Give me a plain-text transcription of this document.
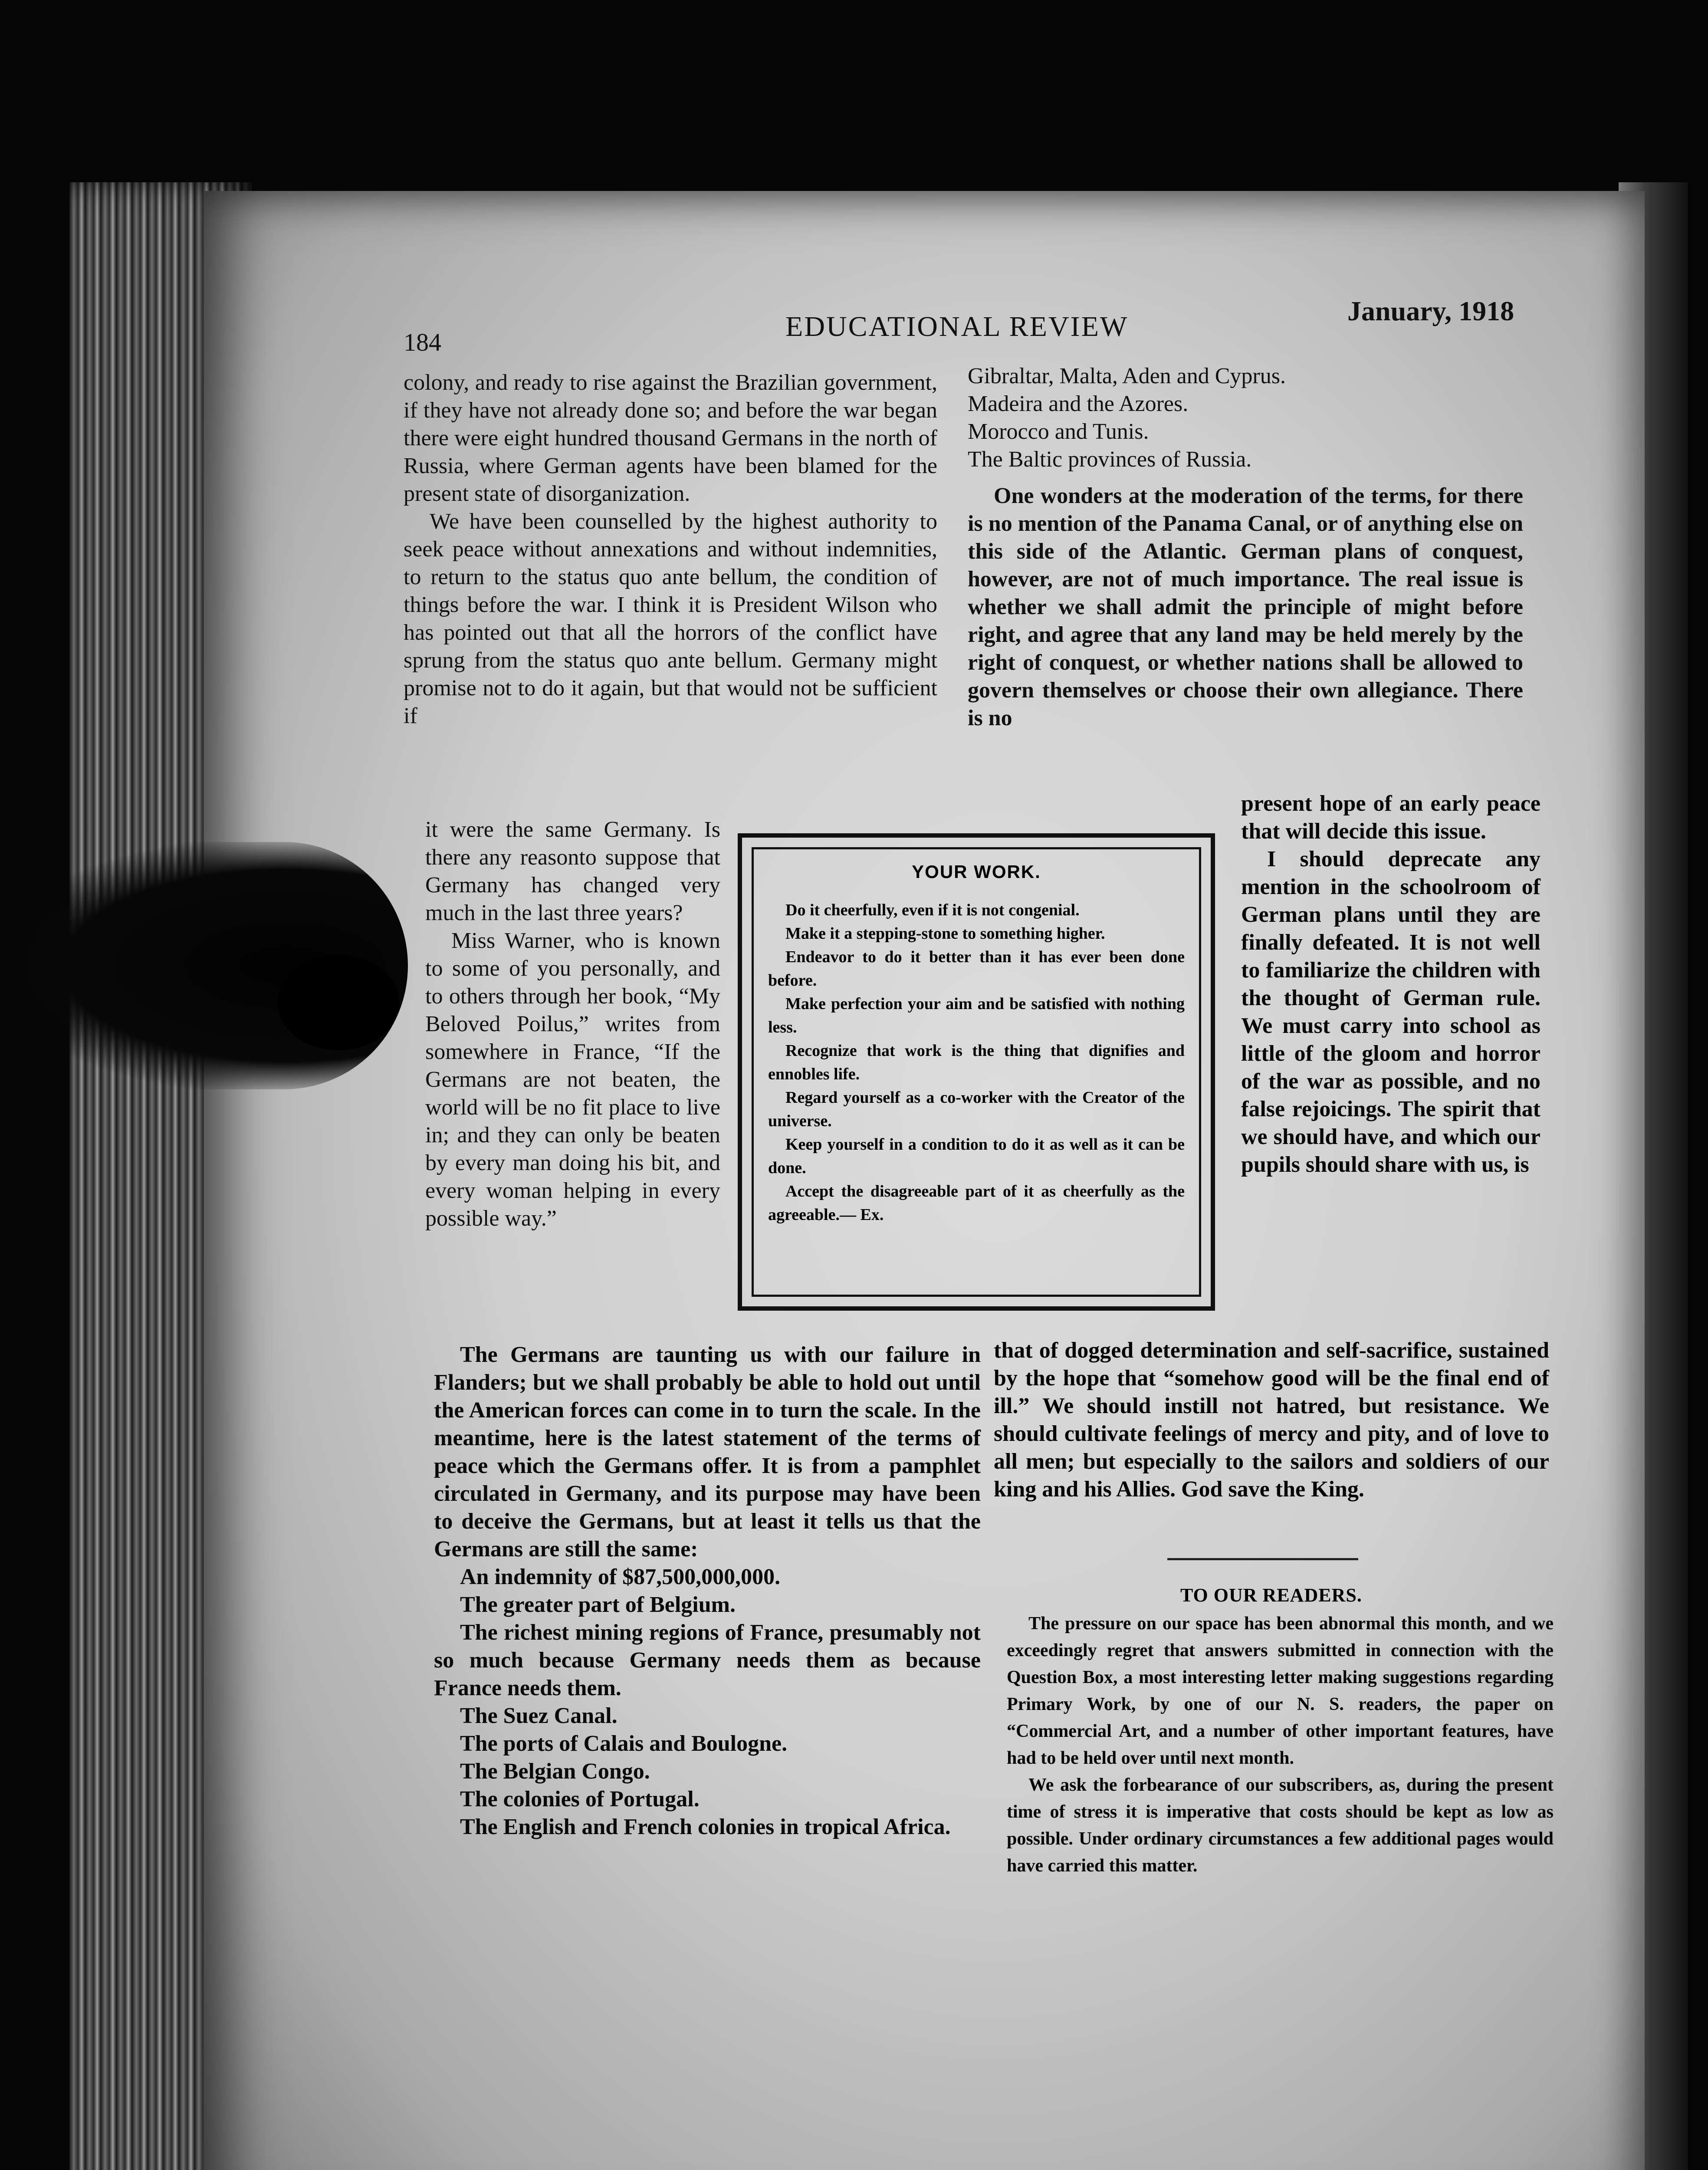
184	EDUCATIONAL REVIEW	January, 1918

colony, and ready to rise against the Brazilian government, if they have not already done so; and before the war began there were eight hundred thousand Germans in the north of Russia, where German agents have been blamed for the present state of disorganization.

We have been counselled by the highest authority to seek peace without annexations and without indemnities, to return to the status quo ante bellum, the condition of things before the war. I think it is President Wilson who has pointed out that all the horrors of the conflict have sprung from the status quo ante bellum. Germany might promise not to do it again, but that would not be sufficient if

it were the same Germany. Is there any reasonto suppose that Germany has changed very much in the last three years?

Miss Warner, who is known to some of you personally, and to others through her book, “My Beloved Poilus,” writes from somewhere in France, “If the Germans are not beaten, the world will be no fit place to live in; and they can only be beaten by every man doing his bit, and every woman helping in every possible way.”

YOUR WORK.

Do it cheerfully, even if it is not congenial.

Make it a stepping-stone to something higher.

Endeavor to do it better than it has ever been done before.

Make perfection your aim and be satisfied with nothing less.

Recognize that work is the thing that dignifies and ennobles life.

Regard yourself as a co-worker with the Creator of the universe.

Keep yourself in a condition to do it as well as it can be done.

Accept the disagreeable part of it as cheerfully as the agreeable.— Ex.

The Germans are taunting us with our failure in Flanders; but we shall probably be able to hold out until the American forces can come in to turn the scale. In the meantime, here is the latest statement of the terms of peace which the Germans offer. It is from a pamphlet circulated in Germany, and its purpose may have been to deceive the Germans, but at least it tells us that the Germans are still the same:

An indemnity of $87,500,000,000.

The greater part of Belgium.

The richest mining regions of France, presumably not so much because Germany needs them as because France needs them.

The Suez Canal.

The ports of Calais and Boulogne.

The Belgian Congo.

The colonies of Portugal.

The English and French colonies in tropical Africa.

Gibraltar, Malta, Aden and Cyprus.

Madeira and the Azores.

Morocco and Tunis.

The Baltic provinces of Russia.

One wonders at the moderation of the terms, for there is no mention of the Panama Canal, or of anything else on this side of the Atlantic. German plans of conquest, however, are not of much importance. The real issue is whether we shall admit the principle of might before right, and agree that any land may be held merely by the right of conquest, or whether nations shall be allowed to govern themselves or choose their own allegiance. There is no

present hope of an early peace that will decide this issue.

I should deprecate any mention in the schoolroom of German plans until they are finally defeated. It is not well to familiarize the children with the thought of German rule. We must carry into school as little of the gloom and horror of the war as possible, and no false rejoicings. The spirit that we should have, and which our pupils should share with us, is

that of dogged determination and self-sacrifice, sustained by the hope that “somehow good will be the final end of ill.” We should instill not hatred, but resistance. We should cultivate feelings of mercy and pity, and of love to all men; but especially to the sailors and soldiers of our king and his Allies. God save the King.

TO OUR READERS.

The pressure on our space has been abnormal this month, and we exceedingly regret that answers submitted in connection with the Question Box, a most interesting letter making suggestions regarding Primary Work, by one of our N. S. readers, the paper on “Commercial Art, and a number of other important features, have had to be held over until next month.

We ask the forbearance of our subscribers, as, during the present time of stress it is imperative that costs should be kept as low as possible. Under ordinary circumstances a few additional pages would have carried this matter.
